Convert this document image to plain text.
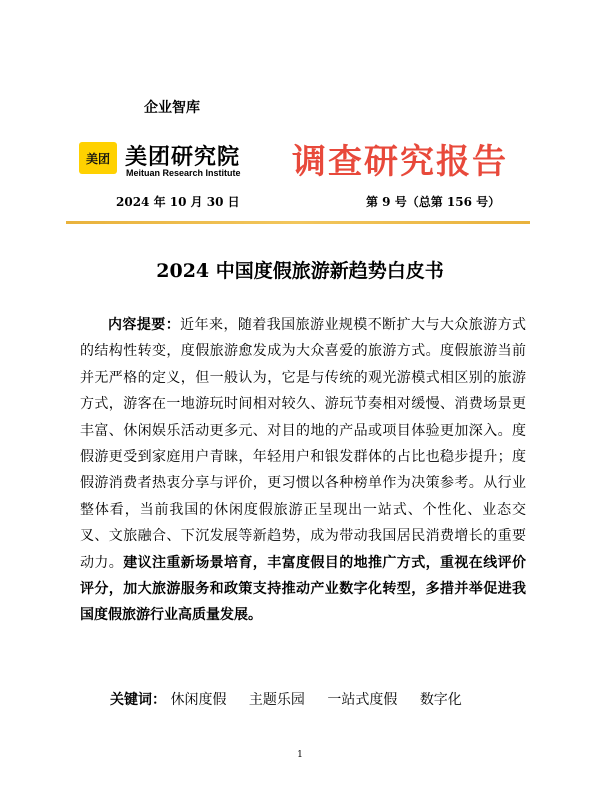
企业智库
美团 美团研究院
Meituan Research Institute 调查研究报告
2024 年 10 月 30 日	第 9 号（总第 156 号）
2024 中国度假旅游新趋势白皮书
内容提要：近年来，随着我国旅游业规模不断扩大与大众旅游方式的结构性转变，度假旅游愈发成为大众喜爱的旅游方式。度假旅游当前并无严格的定义，但一般认为，它是与传统的观光游模式相区别的旅游方式，游客在一地游玩时间相对较久、游玩节奏相对缓慢、消费场景更丰富、休闲娱乐活动更多元、对目的地的产品或项目体验更加深入。度假游更受到家庭用户青睐，年轻用户和银发群体的占比也稳步提升；度假游消费者热衷分享与评价，更习惯以各种榜单作为决策参考。从行业整体看，当前我国的休闲度假旅游正呈现出一站式、个性化、业态交叉、文旅融合、下沉发展等新趋势，成为带动我国居民消费增长的重要动力。建议注重新场景培育，丰富度假目的地推广方式，重视在线评价评分，加大旅游服务和政策支持推动产业数字化转型，多措并举促进我国度假旅游行业高质量发展。
关键词： 休闲度假 主题乐园 一站式度假 数字化
1
